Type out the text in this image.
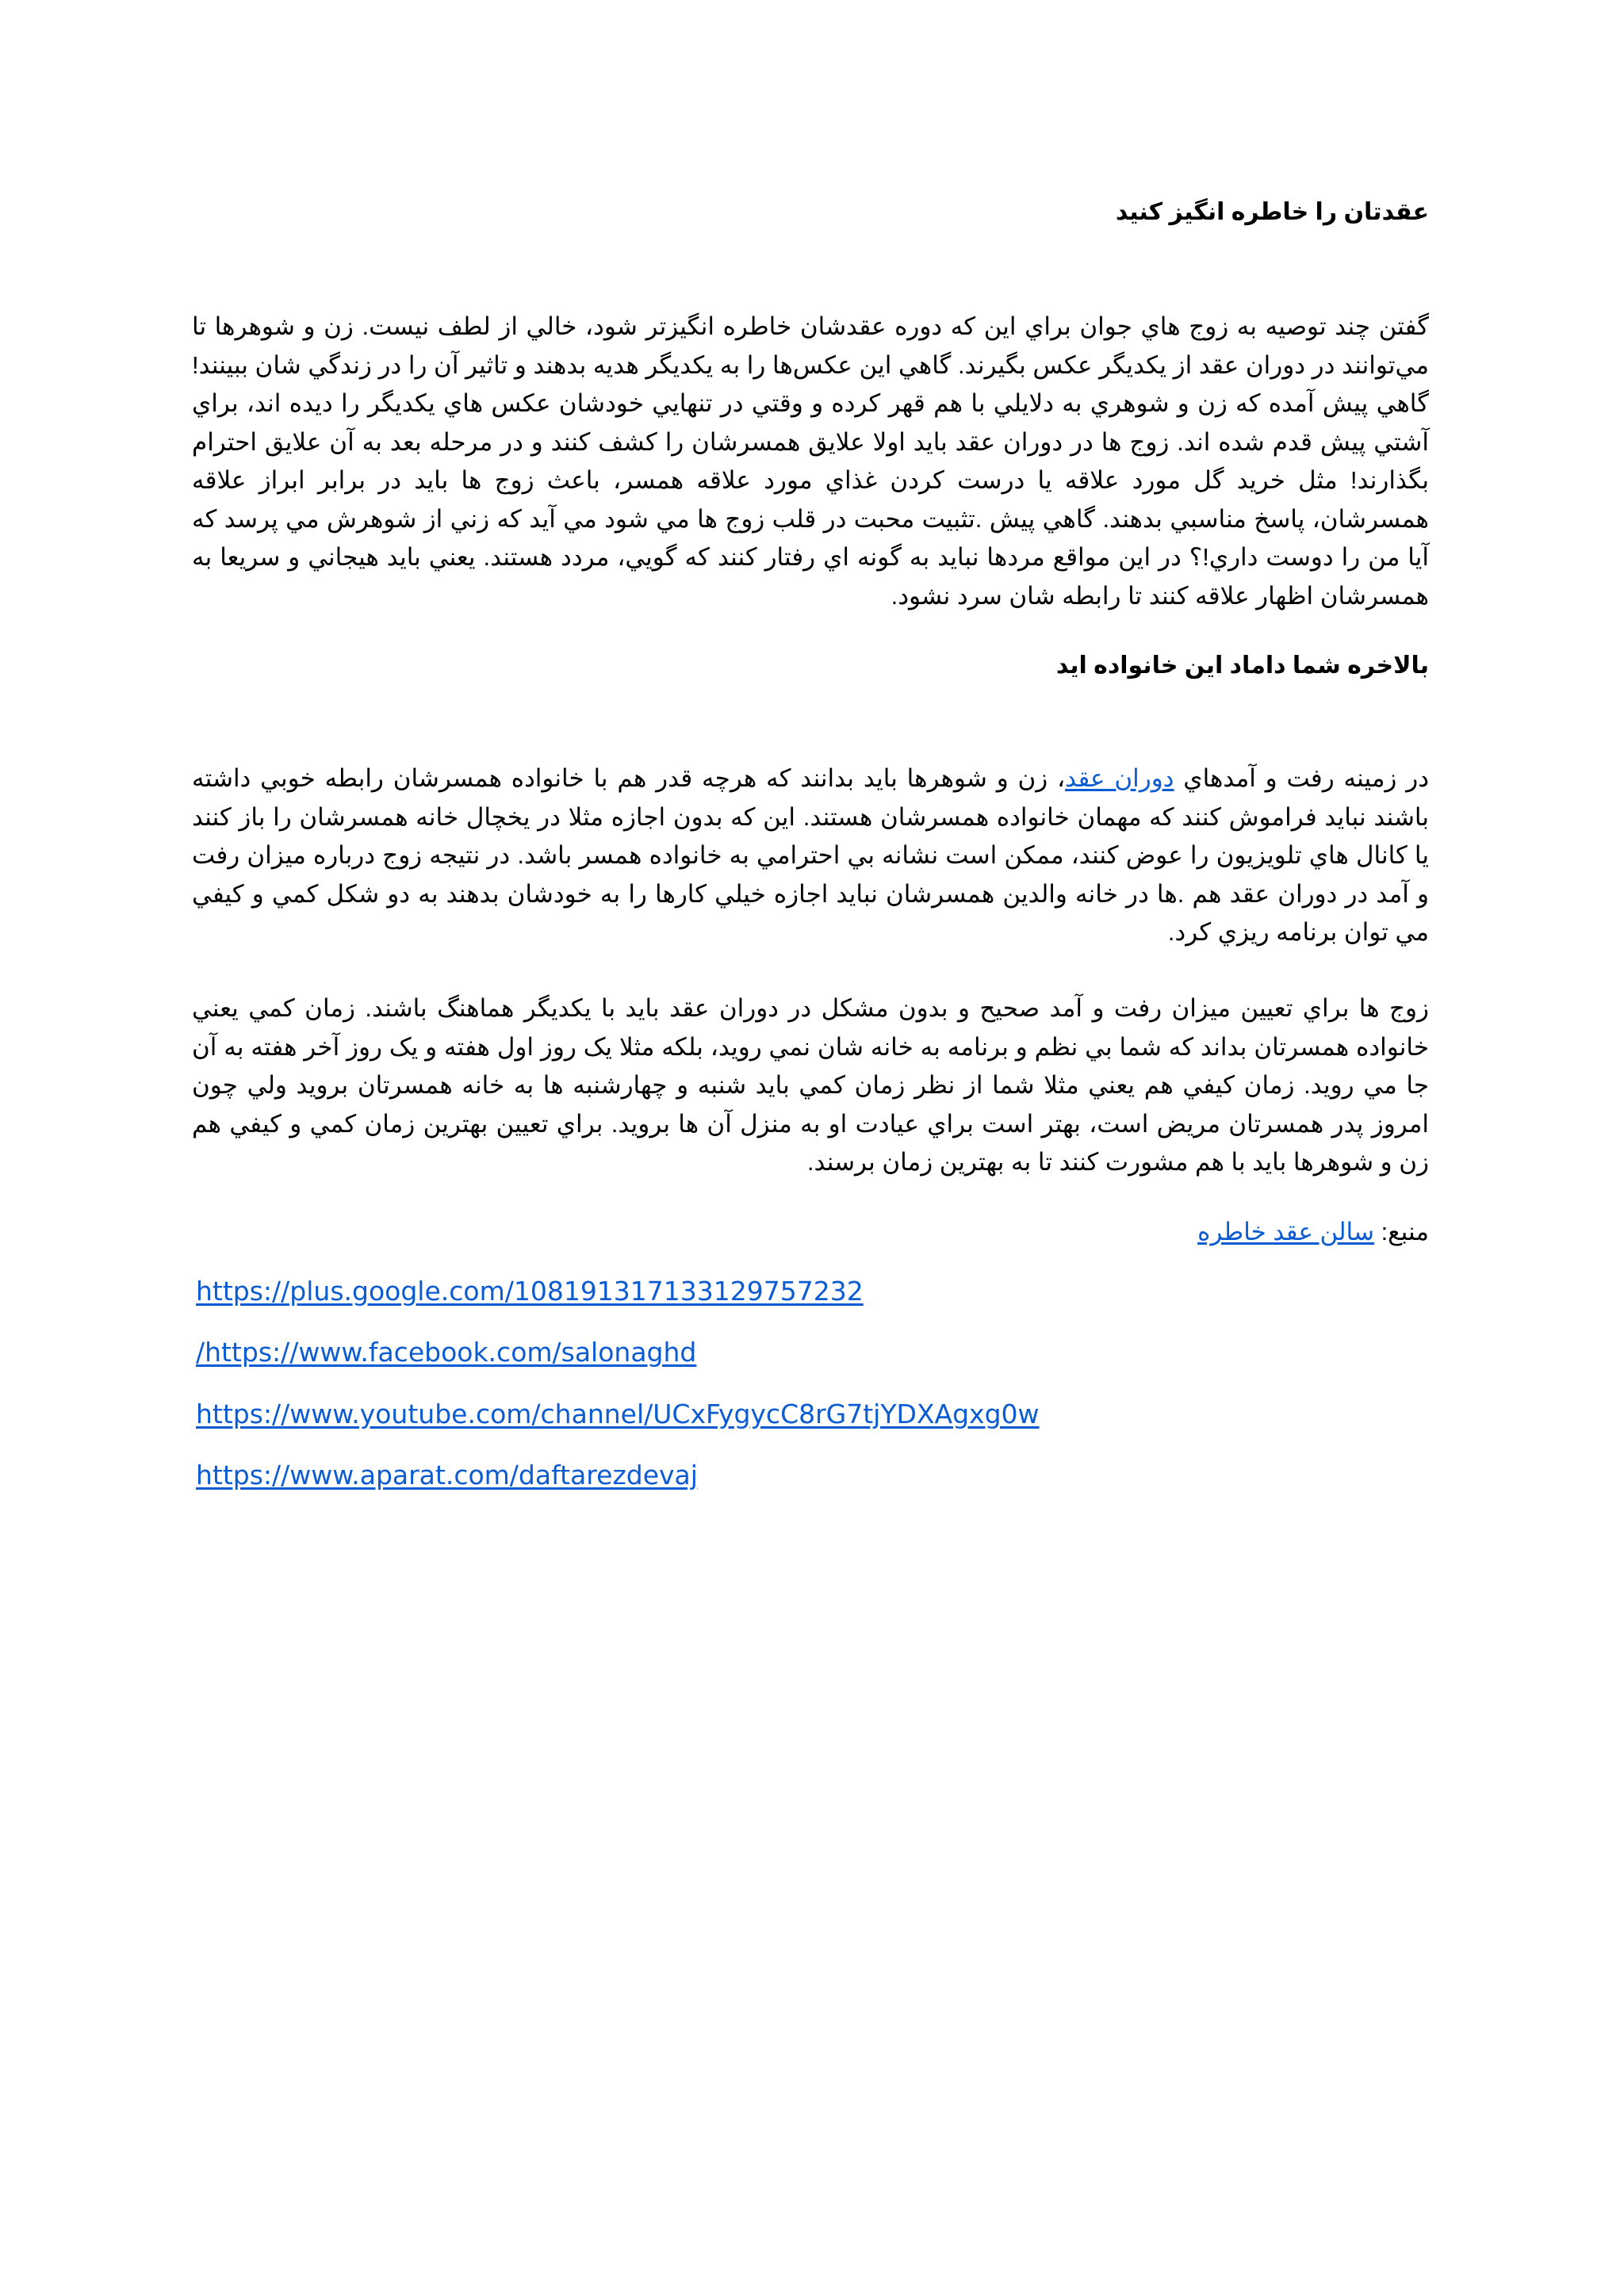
عقدتان را خاطره انگيز كنيد

گفتن چند توصيه به زوج هاي جوان براي اين كه دوره عقدشان خاطره انگيزتر شود، خالي از لطف نيست. زن و شوهرها تا مي‌توانند در دوران عقد از يكديگر عكس بگيرند. گاهي اين عكس‌ها را به يكديگر هديه بدهند و تاثير آن را در زندگي شان ببينند! گاهي پيش آمده كه زن و شوهري به دلايلي با هم قهر كرده و وقتي در تنهايي خودشان عكس هاي يكديگر را ديده اند، براي آشتي پيش قدم شده اند. زوج ها در دوران عقد بايد اولا علايق همسرشان را كشف كنند و در مرحله بعد به آن علايق احترام بگذارند! مثل خريد گل مورد علاقه يا درست كردن غذاي مورد علاقه همسر، باعث زوج ها بايد در برابر ابراز علاقه همسرشان، پاسخ مناسبي بدهند. گاهي پيش .تثبيت محبت در قلب زوج ها مي شود مي آيد كه زني از شوهرش مي پرسد كه آيا من را دوست داري!؟ در اين مواقع مردها نبايد به گونه اي رفتار كنند كه گويي، مردد هستند. يعني بايد هيجاني و سريعا به همسرشان اظهار علاقه كنند تا رابطه شان سرد نشود.

بالاخره شما داماد اين خانواده ايد

در زمينه رفت و آمدهاي دوران عقد، زن و شوهرها بايد بدانند كه هرچه قدر هم با خانواده همسرشان رابطه خوبي داشته باشند نبايد فراموش كنند كه مهمان خانواده همسرشان هستند. اين كه بدون اجازه مثلا در يخچال خانه همسرشان را باز كنند يا كانال هاي تلويزيون را عوض كنند، ممكن است نشانه بي احترامي به خانواده همسر باشد. در نتيجه زوج درباره ميزان رفت و آمد در دوران عقد هم .ها در خانه والدين همسرشان نبايد اجازه خيلي كارها را به خودشان بدهند به دو شكل كمي و كيفي مي توان برنامه ريزي كرد.

زوج ها براي تعيين ميزان رفت و آمد صحيح و بدون مشكل در دوران عقد بايد با يكديگر هماهنگ باشند. زمان كمي يعني خانواده همسرتان بداند كه شما بي نظم و برنامه به خانه شان نمي رويد، بلكه مثلا يک روز اول هفته و يک روز آخر هفته به آن جا مي رويد. زمان كيفي هم يعني مثلا شما از نظر زمان كمي بايد شنبه و چهارشنبه ها به خانه همسرتان برويد ولي چون امروز پدر همسرتان مريض است، بهتر است براي عيادت او به منزل آن ها برويد. براي تعيين بهترين زمان كمي و كيفي هم زن و شوهرها بايد با هم مشورت كنند تا به بهترين زمان برسند.

منبع: سالن عقد خاطره
https://plus.google.com/108191317133129757232
/https://www.facebook.com/salonaghd
https://www.youtube.com/channel/UCxFygycC8rG7tjYDXAgxg0w
https://www.aparat.com/daftarezdevaj
